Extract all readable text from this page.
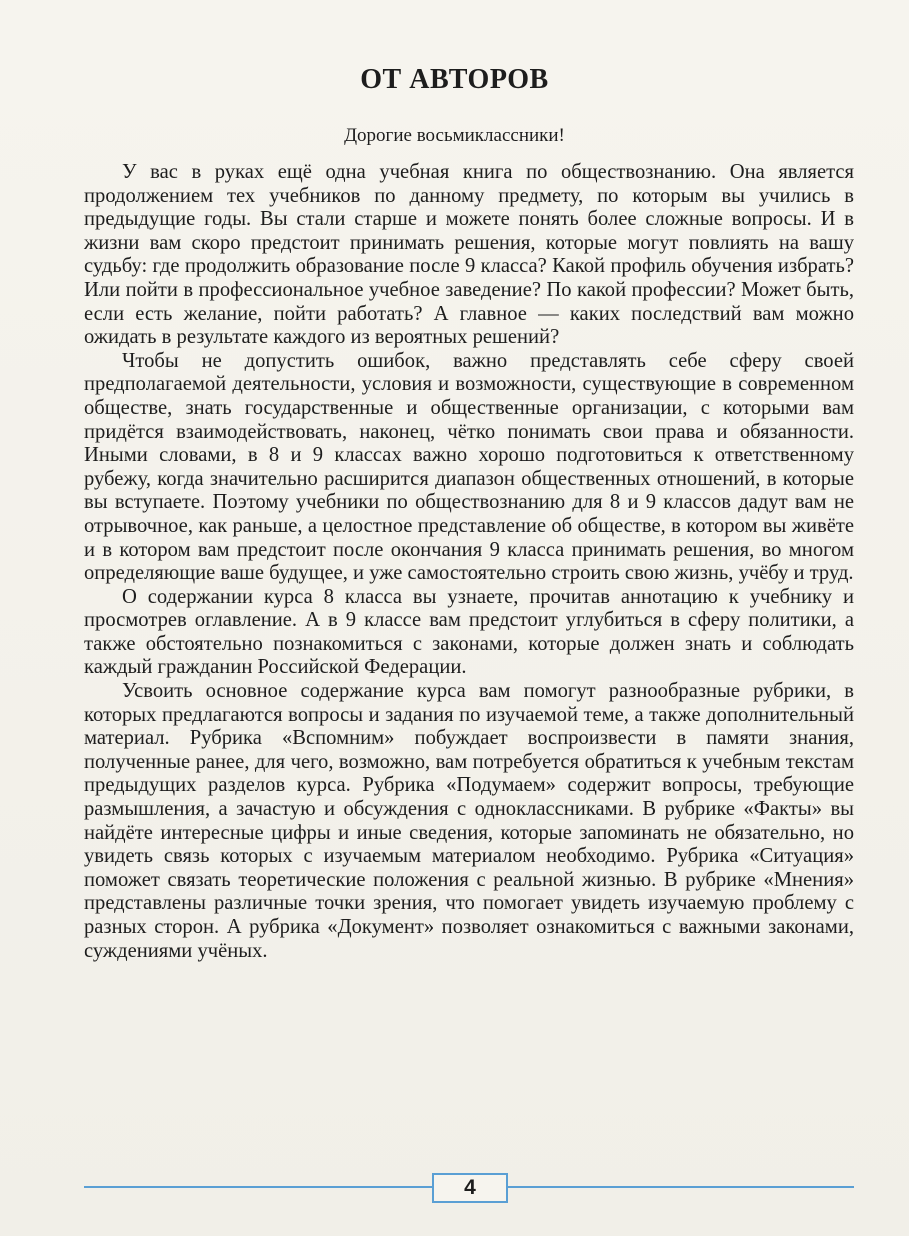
ОТ АВТОРОВ

Дорогие восьмиклассники!

У вас в руках ещё одна учебная книга по обществознанию. Она является продолжением тех учебников по данному предмету, по которым вы учились в предыдущие годы. Вы стали старше и можете понять более сложные вопросы. И в жизни вам скоро предстоит принимать решения, которые могут повлиять на вашу судьбу: где продолжить образование после 9 класса? Какой профиль обучения избрать? Или пойти в профессиональное учебное заведение? По какой профессии? Может быть, если есть желание, пойти работать? А главное — каких последствий вам можно ожидать в результате каждого из вероятных решений?

Чтобы не допустить ошибок, важно представлять себе сферу своей предполагаемой деятельности, условия и возможности, существующие в современном обществе, знать государственные и общественные организации, с которыми вам придётся взаимодействовать, наконец, чётко понимать свои права и обязанности. Иными словами, в 8 и 9 классах важно хорошо подготовиться к ответственному рубежу, когда значительно расширится диапазон общественных отношений, в которые вы вступаете. Поэтому учебники по обществознанию для 8 и 9 классов дадут вам не отрывочное, как раньше, а целостное представление об обществе, в котором вы живёте и в котором вам предстоит после окончания 9 класса принимать решения, во многом определяющие ваше будущее, и уже самостоятельно строить свою жизнь, учёбу и труд.

О содержании курса 8 класса вы узнаете, прочитав аннотацию к учебнику и просмотрев оглавление. А в 9 классе вам предстоит углубиться в сферу политики, а также обстоятельно познакомиться с законами, которые должен знать и соблюдать каждый гражданин Российской Федерации.

Усвоить основное содержание курса вам помогут разнообразные рубрики, в которых предлагаются вопросы и задания по изучаемой теме, а также дополнительный материал. Рубрика «Вспомним» побуждает воспроизвести в памяти знания, полученные ранее, для чего, возможно, вам потребуется обратиться к учебным текстам предыдущих разделов курса. Рубрика «Подумаем» содержит вопросы, требующие размышления, а зачастую и обсуждения с одноклассниками. В рубрике «Факты» вы найдёте интересные цифры и иные сведения, которые запоминать не обязательно, но увидеть связь которых с изучаемым материалом необходимо. Рубрика «Ситуация» поможет связать теоретические положения с реальной жизнью. В рубрике «Мнения» представлены различные точки зрения, что помогает увидеть изучаемую проблему с разных сторон. А рубрика «Документ» позволяет ознакомиться с важными законами, суждениями учёных.

4
